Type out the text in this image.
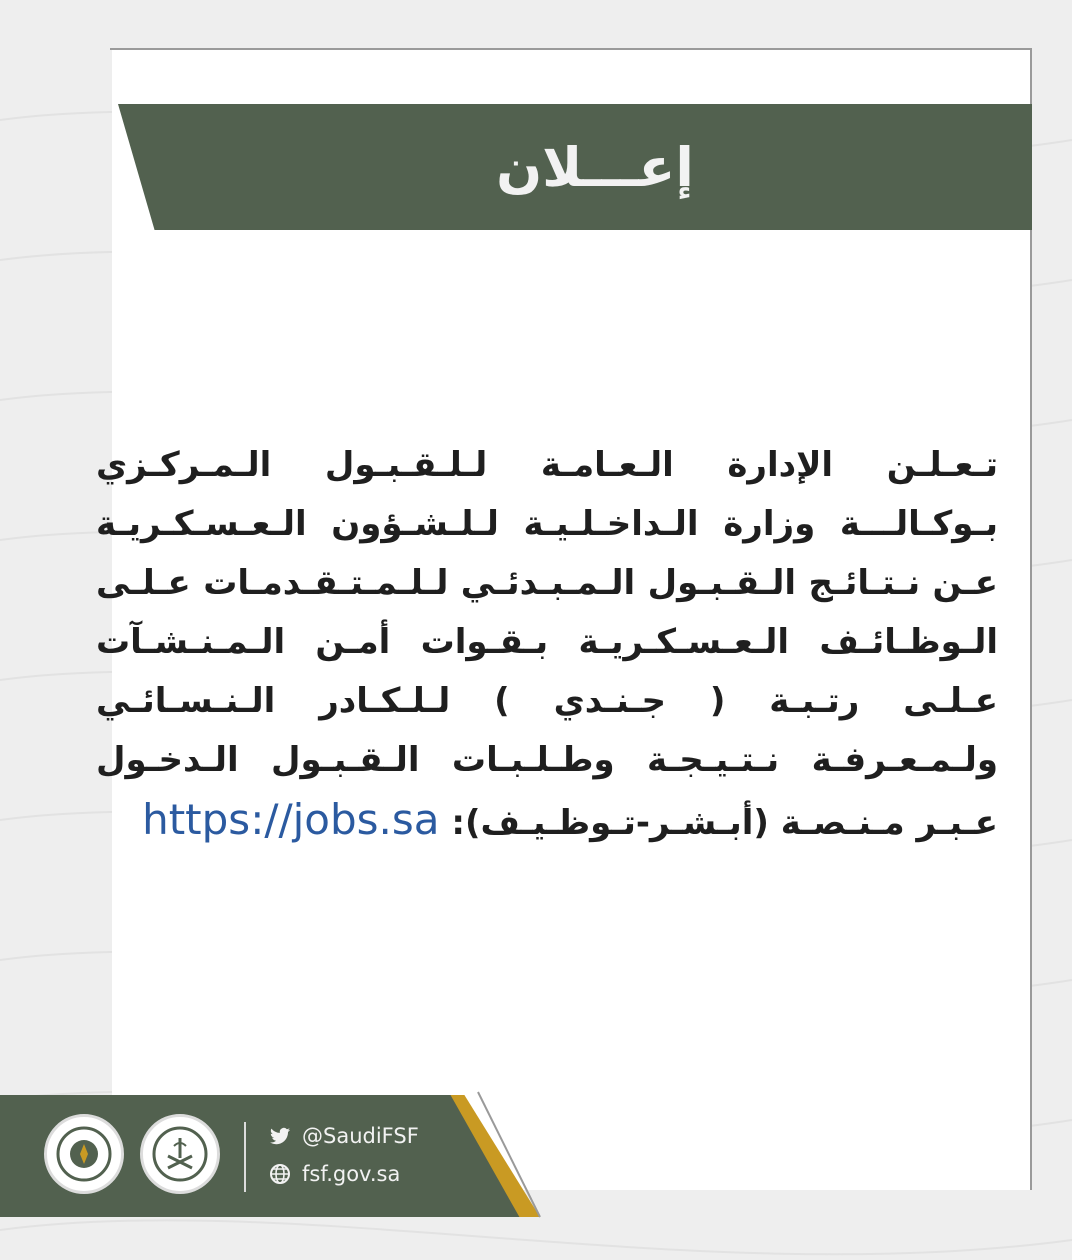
إعـــلان
تـعـلـن الإدارة الـعـامـة لـلـقـبـول الـمـركـزي بـوكـالـــة وزارة الـداخـلـيـة لـلـشـؤون الـعـسـكـريـة عـن نـتـائـج الـقـبـول الـمـبـدئـي لـلـمـتـقـدمـات عـلـى الـوظـائـف الـعـسـكـريـة بـقـوات أمـن الـمـنـشـآت عـلـى رتـبـة ( جـنـدي ) لـلـكـادر الـنـسـائـي ولـمـعـرفـة نـتـيـجـة وطـلـبـات الـقـبـول الـدخـول عـبـر مـنـصـة (أبـشـر-تـوظـيـف): https://jobs.sa
@SaudiFSF
fsf.gov.sa
